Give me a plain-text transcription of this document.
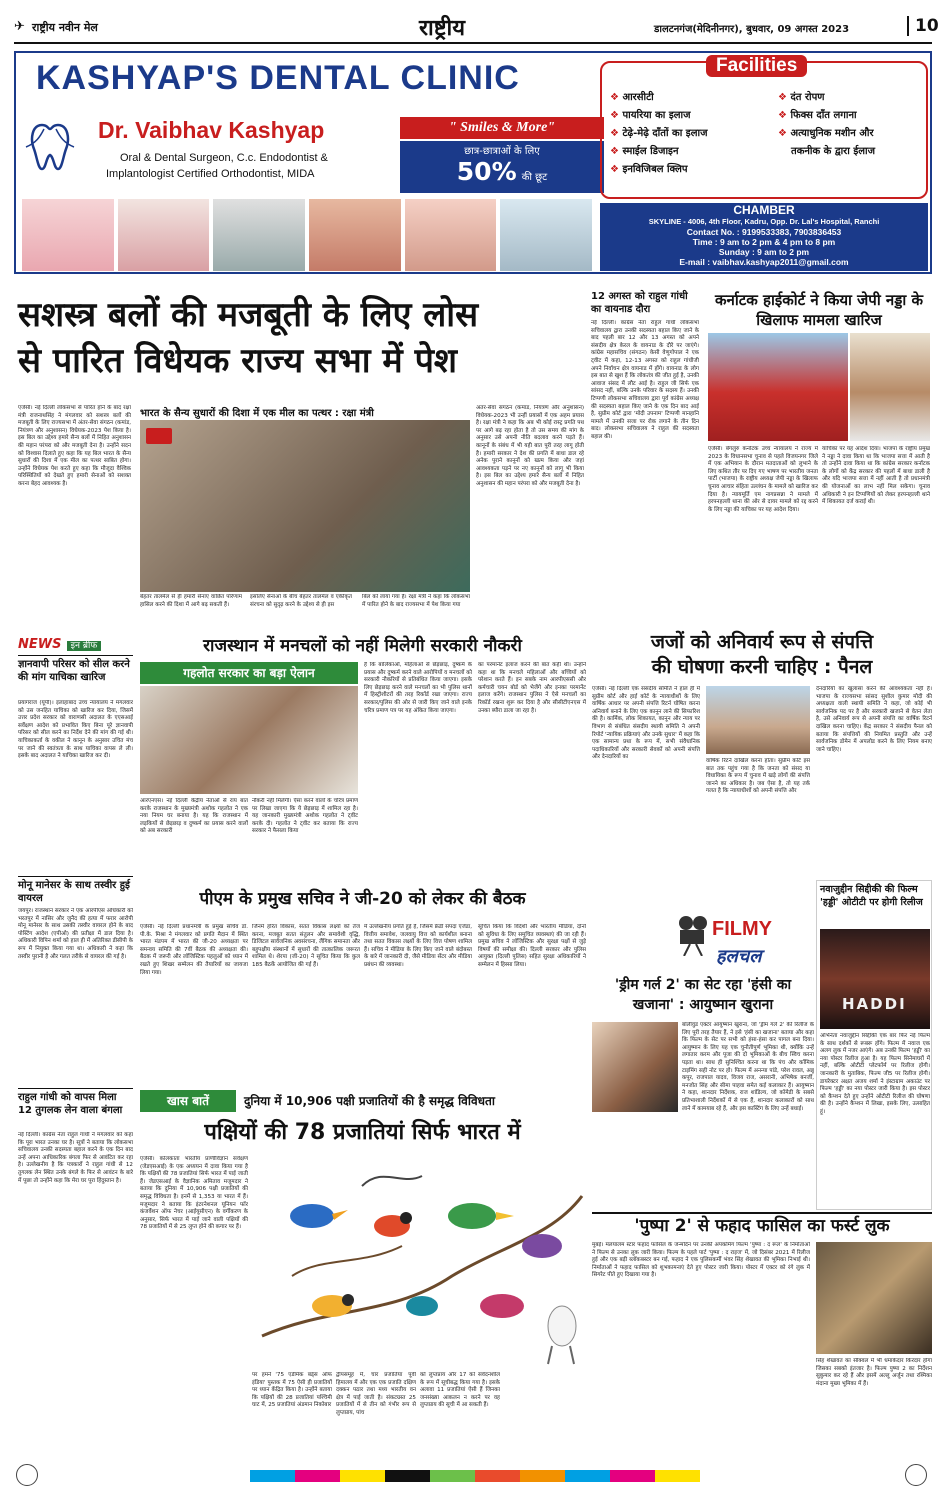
✈ राष्ट्रीय नवीन मेल	राष्ट्रीय	डालटनगंज(मेदिनीनगर), बुधवार, 09 अगस्त 2023	10
KASHYAP'S DENTAL CLINIC
Dr. Vaibhav Kashyap
Oral & Dental Surgeon, C.c. Endodontist &
Implantologist Certified Orthodontist, MIDA
" Smiles & More"
छात्र-छात्राओं के लिए
50% की छूट
Facilities
❖ आरसीटी
❖ पायरिया का इलाज
❖ टेढ़े-मेढ़े दाँतों का इलाज
❖ स्माईल डिजाइन
❖ इनविजिबल क्लिप
❖ दंत रोपण
❖ फिक्स दाँत लगाना
❖ अत्याधुनिक मशीन और
तकनीक के द्वारा ईलाज
CHAMBER
SKYLINE - 4006, 4th Floor, Kadru, Opp. Dr. Lal's Hospital, Ranchi
Contact No. : 9199533383, 7903836453
Time : 9 am to 2 pm & 4 pm to 8 pm
Sunday : 9 am to 2 pm
E-mail : vaibhav.kashyap2011@gmail.com
सशस्त्र बलों की मजबूती के लिए लोस
से पारित विधेयक राज्य सभा में पेश
एजेंसी। नई दिल्ली लोकसभा से पारित होने के बाद रक्षा मंत्री राजनाथसिंह ने मंगलवार को सशस्त्र बलों की मजबूती के लिए राज्यसभा में अंतर-सेवा संगठन (कमांड, नियंत्रण और अनुशासन) विधेयक-2023 पेश किया है। इस बिल का उद्देश्य हमारे सैन्य बलों में निहित अनुशासन की महान परंपरा को और मजबूती देना है। उन्होंने सदन को विश्वास दिलाते हुए कहा कि यह बिल भारत के सैन्य सुधारों की दिशा में एक मील का पत्थर साबित होगा। उन्होंने विधेयक पेश करते हुए कहा कि मौजूदा वैश्विक परिस्थितियों को देखते हुए हमारी सेनाओं को सशक्त करना बेहद आवश्यक है।
भारत के सैन्य सुधारों की दिशा में एक मील का पत्थर : रक्षा मंत्री
बेहतर तालमेल से ही हमारी सेनाएं वांछित परिणाम हासिल करने की दिशा में आगे बढ़ सकती हैं।
इसलिए सेनाओं के बीच बेहतर तालमेल व एकीकृत संरचना को सुदृढ़ करने के उद्देश्य से ही इस
बिल को लाया गया है। रक्षा मंत्री ने कहा कि लोकसभा में पारित होने के बाद राज्यसभा में पेश किया गया
अंतर-सेवा संगठन (कमांड, नियंत्रण और अनुशासन) विधेयक-2023 भी उन्हीं प्रयासों में एक अहम प्रयास है। रक्षा मंत्री ने कहा कि अब भी कोई रास्ट्र प्रगति पथ पर आगे बढ़ रहा होता है तो उस समय की मांग के अनुसार उसे अपनी नीति बदलाव करने पड़ते हैं। कानूनों के संबंध में भी यही बात पूरी तरह लागू होती है। हमारी सरकार ने देश की प्रगति में बाधा डाल रहे अनेक पुराने कानूनों को खत्म किया और जहां आवश्यकता पड़ने पर नए कानूनों को लागू भी किया है। इस बिल का उद्देश्य हमारे सैन्य बलों में निहित अनुशासन की महान परंपरा को और मजबूती देना है।
12 अगस्त को राहुल गांधी का वायनाड दौरा
नई दिल्ली। कांग्रेस नेता राहुल गांधी लोकसभा सचिवालय द्वारा उनकी सदस्यता बहाल किए जाने के बाद पहली बार 12 और 13 अगस्त को अपने संसदीय क्षेत्र केरल के वायनाड के दौरे पर जाएंगे। कांग्रेस महासचिव (संगठन) केसी वेणुगोपाल ने एक ट्वीट में कहा, 12-13 अगस्त को राहुल गांधीजी अपने निर्वाचन क्षेत्र वायनाड में होंगे। वायनाड के लोग इस बात से खुश हैं कि लोकतंत्र की जीत हुई है, उनकी आवाज संसद में लौट आई है। राहुल जी सिर्फ एक सांसद नहीं, बल्कि उनके परिवार के सदस्य हैं। उनकी टिप्पणी लोकसभा सचिवालय द्वारा पूर्व कांग्रेस अध्यक्ष की सदस्यता बहाल किए जाने के एक दिन बाद आई है, सुप्रीम कोर्ट द्वारा 'मोदी उपनाम' टिप्पणी मानहानि मामले में उनकी सजा पर रोक लगाने के तीन दिन बाद। लोकसभा सचिवालय ने राहुल की सदस्यता बहाल की।
कर्नाटक हाईकोर्ट ने किया जेपी नड्डा के खिलाफ मामला खारिज
एजेंसी। बेंगलुरु कर्नाटक उच्च न्यायालय ने राज्य में 2023 के विधानसभा चुनाव से पहले विजयनगर जिले में एक अभियान के दौरान मतदाताओं को लुभाने के लिए कथित तौर पर दिए गए भाषण पर भारतीय जनता पार्टी (भाजपा) के राष्ट्रीय अध्यक्ष जेपी नड्डा के खिलाफ चुनाव आचार संहिता उल्लंघन के मामले को खारिज कर दिया है। न्यायमूर्ति एम नागप्रसन्ना ने मामले में हरपनहल्ली थाना की ओर से दायर मामले को रद्द करने के लिए नड्डा की याचिका पर यह आदेश दिया।
याचिका पर यह आदेश दिया। भाजपा के राष्ट्रीय प्रमुख ने नड्डा ने दावा किया था कि भाजपा सत्ता में आती है तो उन्होंने दावा किया था कि कांग्रेस सरकार कर्नाटक के लोगों को केंद्र सरकार की पहलों में बाधा डाली है और यदि भाजपा सत्ता में नहीं आती है तो प्रधानमंत्री की योजनाओं का लाभ नहीं मिल सकेगा। चुनाव अधिकारी ने इन टिप्पणियों को लेकर हरपनहल्ली थाने में शिकायत दर्ज कराई थी।
NEWS इन ब्रीफ
ज्ञानवापी परिसर को सील करने की मांग याचिका खारिज
प्रयागराज (यूपी)। इलाहाबाद उच्च न्यायालय ने मंगलवार को उस जनहित याचिका को खारिज कर दिया, जिसमें उत्तर प्रदेश सरकार को वाराणसी अदालत के एएसआई सर्वेक्षण आदेश को प्रभावित किए बिना पूरे ज्ञानवापी परिसर को सील करने का निर्देश देने की मांग की गई थी। याचिकाकर्ता के वकील ने कानून के अनुसार उचित मंच पर जाने की स्वतंत्रता के साथ याचिका वापस ले ली। इसके बाद अदालत ने याचिका खारिज कर दी।
मोनू मानेसर के साथ तस्वीर हुई वायरल
जयपुर। राजस्थान सरकार ने एक आरपीएस अधिकारी को भरतपुर में नासिर और जुनैद की हत्या में फरार आरोपी मोनू मानेसर के साथ उसकी तस्वीर वायरल होने के बाद पोस्टिंग आदेश (एपीओ) की प्रतीक्षा में डाल दिया है। अधिकारी विपिन शर्मा को हाल ही में अतिरिक्त डीसीपी के रूप में नियुक्त किया गया था। अधिकारी ने कहा कि तस्वीर पुरानी है और गलत तरीके से वायरल की गई है।
राहुल गांधी को वापस मिला 12 तुगलक लेन वाला बंगला
नई दिल्ली। कांग्रेस नेता राहुल गांधी ने मंगलवार को कहा कि पूरा भारत उनका घर है। सूत्रों ने बताया कि लोकसभा सचिवालय उनकी सदस्यता बहाल करने के एक दिन बाद उन्हें अपना आधिकारिक बंगला फिर से आवंटित कर रहा है। उल्लेखनीय है कि पत्रकारों ने राहुल गांधी से 12 तुगलक लेन स्थित उनके बंगले के फिर से आवंटन के बारे में पूछा तो उन्होंने कहा कि मेरा घर पूरा हिंदुस्तान है।
राजस्थान में मनचलों को नहीं मिलेगी सरकारी नौकरी
गहलोत सरकार का बड़ा ऐलान
आरएनएस। नई दिल्ली केंद्रीय नेताओं से राय बात करके राजस्थान के मुख्यमंत्री अशोक गहलोत ने एक नया नियम घर बनाया है। यह कि राजस्थान में लड़कियों से छेड़छाड़ व दुष्कर्म का प्रयास करने वालों को अब सरकारी
नौकरी नहीं मिलेगी। ऐसा करने वालों के चरित्र प्रमाण पर लिखा जाएगा कि ये छेड़छाड़ में शामिल रहा है। यह जानकारी मुख्यमंत्री अशोक गहलोत ने ट्वीट करके दी। गहलोत ने ट्वीट कर बताया कि राज्य सरकार ने फैसला किया
है कि बालिकाओं, महिलाओं से छेड़छाड़, दुष्कर्म के प्रयास और दुष्कर्म करने वाले आरोपियों व मनचलों को सरकारी नौकरियों से प्रतिबंधित किया जाएगा। इसके लिए छेड़छाड़ करने वाले मनचलों का भी पुलिस थानों में हिस्ट्रीशीटरों की तरह रिकॉर्ड रखा जाएगा। राज्य सरकार/पुलिस की ओर से जारी किए जाने वाले इनके चरित्र प्रमाण पत्र पर यह अंकित किया जाएगा।
का परमानेंट इलाज करने की बात कही थी। उन्होंने कहा था कि मनचले महिलाओं और बच्चियों को परेशान करते हैं। इन सबके नाम आरपीएससी और कर्मचारी चयन बोर्ड को भेजेंगे और इनका परमानेंट इलाज करेंगे। राजस्थान पुलिस ने ऐसे मनचलों का रिकॉर्ड रखना शुरू कर दिया है और सीसीटीएनएस में उनका ब्यौरा डाला जा रहा है।
पीएम के प्रमुख सचिव ने जी-20 को लेकर की बैठक
एजेंसी। नई दिल्ली प्रधानमंत्री के प्रमुख सचिव डॉ. पी.के. मिश्रा ने मंगलवार को प्रगति मैदान में स्थित भारत मंडपम में भारत की जी-20 अध्यक्षता पर समन्वय समिति की 7वीं बैठक की अध्यक्षता की। बैठक में जरूरी और लॉजिस्टिक पहलुओं को ध्यान में रखते हुए शिखर सम्मेलन की तैयारियों का जायजा लिया गया।
जिनमें हरित विकास, सतत विकास लक्ष्यों को तेज करना, मजबूत सतत संतुलन और समावेशी वृद्धि, डिजिटल सार्वजनिक अवसंरचना, लैंगिक समानता और बहुपक्षीय संस्थानों में सुधारों की तात्कालिक जरूरत शामिल थे। शेरपा (जी-20) ने सूचित किया कि कुल 185 बैठकें आयोजित की गई हैं।
में उल्लेखनीय प्रगति हुई है, जिसमें फ्रेंडी संपदा एजेंडा, वित्तीय समावेश, जलवायु वित्त को कार्यशील बनाना तथा सतत विकास लक्ष्यों के लिए वित्त पोषण शामिल हैं। सचिव ने मीडिया के लिए किए जाने वाले बंदोबस्त के बारे में जानकारी दी, जैसे मीडिया सेंटर और मीडिया प्रबंधन की व्यवस्था।
सूचित किया कि विदेशी और भारतीय मीडिया, दोनों को सुविधा के लिए समुचित व्यवस्थाएं की जा रही हैं। प्रमुख सचिव ने लॉजिस्टिक और सुरक्षा पक्षों से जुड़े विषयों की समीक्षा की। दिल्ली सरकार और पुलिस आयुक्त (दिल्ली पुलिस) सहित सुरक्षा अधिकारियों ने सम्मेलन में हिस्सा लिया।
खास बातें	दुनिया में 10,906 पक्षी प्रजातियों की है समृद्ध विविधता
पक्षियों की 78 प्रजातियां सिर्फ भारत में
एजेंसी। कोलकाता भारतीय प्राणीविज्ञान सर्वेक्षण (जेडएसआई) के एक अध्ययन में दावा किया गया है कि पक्षियों की 78 प्रजातियां सिर्फ भारत में पाई जाती हैं। जेडएसआई के वैज्ञानिक अमिताव मजूमदार ने बताया कि दुनिया में 10,906 पक्षी प्रजातियों की समृद्ध विविधता है। इनमें से 1,353 या भारत में हैं। मजूमदार ने बताया कि इंटरनेशनल यूनियन फॉर कंजर्वेशन ऑफ नेचर (आईयूसीएन) के वर्गीकरण के अनुसार, सिर्फ भारत में पाई जाने वाली पक्षियों की 78 प्रजातियों में से 25 लुप्त होने की कगार पर हैं।
पर हमने '75 एंडेमिक बर्ड्स ऑफ इंडिया' पुस्तक में 75 ऐसी ही प्रजातियों पर ध्यान केंद्रित किया है। उन्होंने बताया कि पक्षियों की 28 प्रजातियां पश्चिमी घाट में, 25 प्रजातियां अंडमान निकोबार
द्वीपसमूह में, चार प्रजातियां पूर्वी हिमालय में और एक एक प्रजाति दक्षिण दक्कन पठार तथा मध्य भारतीय वन क्षेत्र में पाई जाती है। संकटग्रस्त 25 प्रजातियों में से तीन को गंभीर रूप से लुप्तप्राय, पांच
को लुप्तप्राय और 17 को संवेदनशील के रूप में सूचीबद्ध किया गया है। इसके अलावा 11 प्रजातियां ऐसी हैं जिनका जनसंख्या आकलन न करने पर वह लुप्तप्राय की सूची में आ सकती हैं।
जजों को अनिवार्य रूप से संपत्ति
की घोषणा करनी चाहिए : पैनल
एजेंसी। नई दिल्ली एक संसदीय समिति ने हाल ही में सुप्रीम कोर्ट और हाई कोर्ट के न्यायाधीशों के लिए वार्षिक आधार पर अपनी संपत्ति रिटर्न घोषित करना अनिवार्य बनाने के लिए एक कानून लाने की सिफारिश की है। कार्मिक, लोक शिकायत, कानून और न्याय पर विभाग से संबंधित संसदीय स्थायी समिति ने अपनी रिपोर्ट 'न्यायिक प्रक्रियाएं और उनके सुधार' में कहा कि एक सामान्य प्रथा के रूप में, सभी संवैधानिक पदाधिकारियों और सरकारी सेवकों को अपनी संपत्ति और देनदारियों का
वार्षिक रिटर्न दाखिल करना होता। सुप्रीम कोर्ट इस बात तक पहुंच गया है कि जनता को संसद या विधायिका के रूप में चुनाव में खड़े लोगों की संपत्ति जानने का अधिकार है। जब ऐसा है, तो यह तर्क गलत है कि न्यायाधीशों को अपनी संपत्ति और
देनदारियों का खुलासा करने की आवश्यकता नहीं है। भाजपा के राज्यसभा सांसद सुशील कुमार मोदी की अध्यक्षता वाली स्थायी समिति ने कहा, जो कोई भी सार्वजनिक पद पर है और सरकारी खजाने से वेतन लेता है, उसे अनिवार्य रूप से अपनी संपत्ति का वार्षिक रिटर्न दाखिल करना चाहिए। केंद्र सरकार ने संसदीय पैनल को बताया कि संपत्तियों की नियमित प्रस्तुति और उन्हें सार्वजनिक डोमेन में अपलोड करने के लिए नियम बनाए जाने चाहिए।
FILMY
हलचल
'ड्रीम गर्ल 2' का सेट रहा 'हंसी का खजाना' : आयुष्मान खुराना
बॉलीवुड एक्टर आयुष्मान खुराना, जो 'ड्रीम गर्ल 2' की रिलीज के लिए पूरी तरह तैयार हैं, ने इसे 'हंसी का खजाना' बताया और कहा कि फिल्म के सेट पर सभी को हंसा-हंसा कर पागल बना दिया। आयुष्मान के लिए यह एक चुनौतीपूर्ण भूमिका थी, क्योंकि उन्हें लगातार करम और पूजा की दो भूमिकाओं के बीच स्विच करना पड़ता था। साथ ही सुनिश्चित करना था कि पंच और कॉमिक टाइमिंग सही नोट पर हो। फिल्म में अनन्या पांडे, परेश रावल, अन्नू कपूर, राजपाल यादव, विजय राज, असरानी, अभिषेक बनर्जी, मनजोत सिंह और सीमा पाहवा समेत कई कलाकार हैं। आयुष्मान ने कहा, शानदार निर्देशक, राज शांडिल्य, जो कॉमेडी के सबसे प्रतिभाशाली निर्देशकों में से एक हैं, शानदार कलाकारों को साथ लाने में कामयाब रहे हैं, और इस कास्टिंग के लिए उन्हें बधाई।
नवाजुद्दीन सिद्दीकी की फिल्म 'हड्डी' ओटीटी पर होगी रिलीज
HADDI
अभिनेता नवाजुद्दीन सिद्दीकी एक बार फिर नई फिल्म के साथ दर्शकों से रूबरू होंगे। फिल्म में नवाज एक अलग लुक में नजर आएंगे। अब उनकी फिल्म 'हड्डी' का नया पोस्टर रिलीज हुआ है। यह फिल्म सिनेमाघरों में नहीं, बल्कि ओटीटी प्लेटफॉर्म पर रिलीज होगी। जानकारी के मुताबिक, फिल्म जी5 पर रिलीज होगी। डायरेक्टर अक्षत अजय शर्मा ने इंस्टाग्राम अकाउंट पर फिल्म 'हड्डी' का नया पोस्टर जारी किया है। इस पोस्टर को कैप्शन देते हुए उन्होंने ओटीटी रिलीज की घोषणा की है। उन्होंने कैप्शन में लिखा, इसके लिए, उत्साहित हूं।
'पुष्पा 2' से फहाद फासिल का फर्स्ट लुक
मुंबई। मलयालम स्टार फहाद फासिल के जन्मदिन पर उनकी अपकमिंग फिल्म 'पुष्पा : द रूल' के निर्माताओं ने फिल्म से उनका लुक जारी किया। फिल्म के पहले पार्ट 'पुष्पा : द राइज' में, जो दिसंबर 2021 में रिलीज हुई और एक बड़ी ब्लॉकबस्टर बन गई, फहाद ने एक पुलिसकर्मी भंवर सिंह शेखावत की भूमिका निभाई थी। निर्माताओं ने फहाद फासिल को शुभकामनाएं देते हुए पोस्टर जारी किया। पोस्टर में एक्टर को रंगे लुक में सिगरेट पीते हुए दिखाया गया है।
सिंह शेखावत का सीक्वल में भी धमाकेदार किरदार होगा जिसका सबको इंतजार है। फिल्म पुष्पा 2 का निर्देशन सुकुमार कर रहे हैं और इसमें अल्लू अर्जुन तथा रश्मिका मंदाना मुख्य भूमिका में हैं।
